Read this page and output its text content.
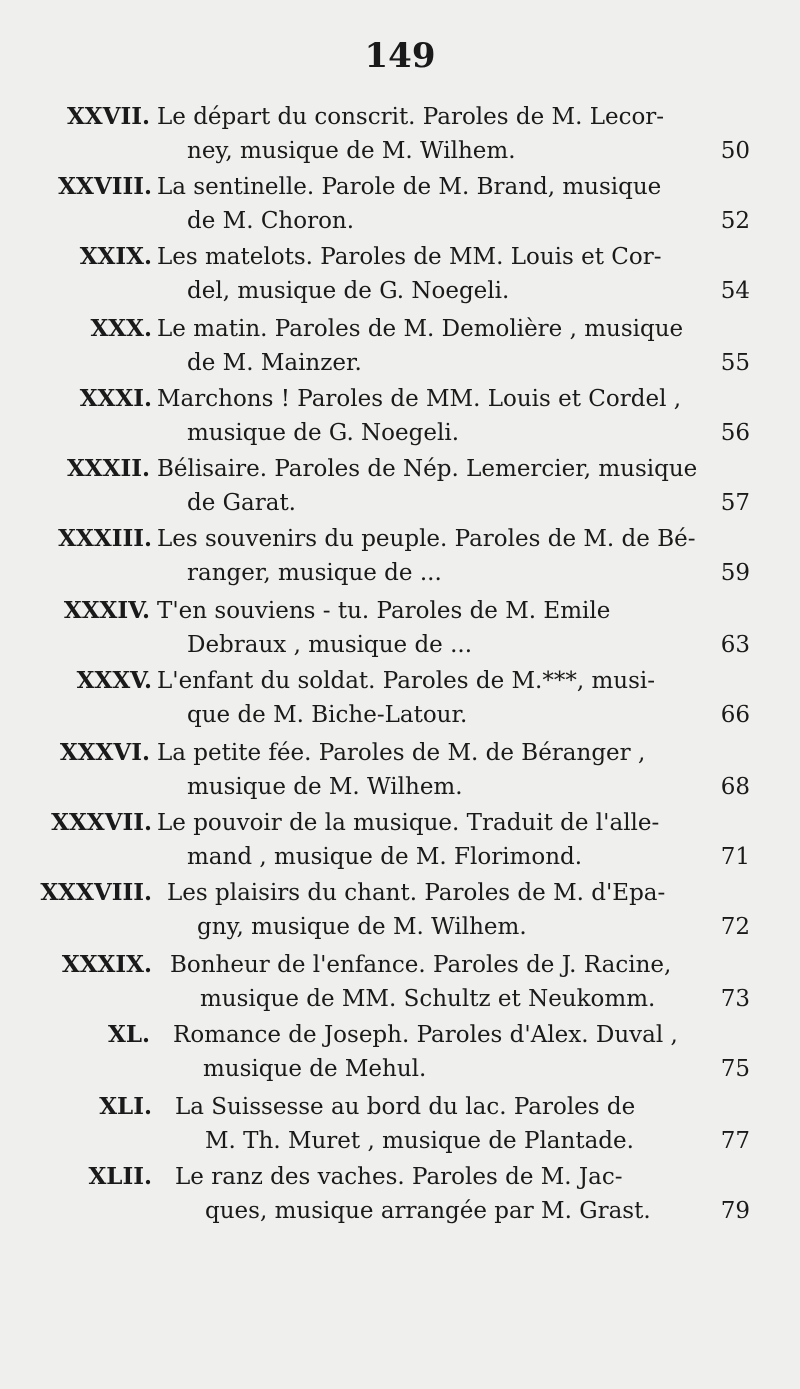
149
XXVII. Le départ du conscrit. Paroles de M. Lecor-
ney, musique de M. Wilhem.	50
XXVIII. La sentinelle. Parole de M. Brand, musique
de M. Choron.	52
XXIX. Les matelots. Paroles de MM. Louis et Cor-
del, musique de G. Noegeli.	54
XXX. Le matin. Paroles de M. Demolière , musique
de M. Mainzer.	55
XXXI. Marchons ! Paroles de MM. Louis et Cordel ,
musique de G. Noegeli.	56
XXXII. Bélisaire. Paroles de Nép. Lemercier, musique
de Garat.	57
XXXIII. Les souvenirs du peuple. Paroles de M. de Bé-
ranger, musique de ...	59
XXXIV. T'en souviens - tu. Paroles de M. Emile
Debraux , musique de ...	63
XXXV. L'enfant du soldat. Paroles de M.***, musi-
que de M. Biche-Latour.	66
XXXVI. La petite fée. Paroles de M. de Béranger ,
musique de M. Wilhem.	68
XXXVII. Le pouvoir de la musique. Traduit de l'alle-
mand , musique de M. Florimond.	71
XXXVIII. Les plaisirs du chant. Paroles de M. d'Epa-
gny, musique de M. Wilhem.	72
XXXIX. Bonheur de l'enfance. Paroles de J. Racine,
musique de MM. Schultz et Neukomm.	73
XL. Romance de Joseph. Paroles d'Alex. Duval ,
musique de Mehul.	75
XLI. La Suissesse au bord du lac. Paroles de
M. Th. Muret , musique de Plantade.	77
XLII. Le ranz des vaches. Paroles de M. Jac-
ques, musique arrangée par M. Grast.	79
